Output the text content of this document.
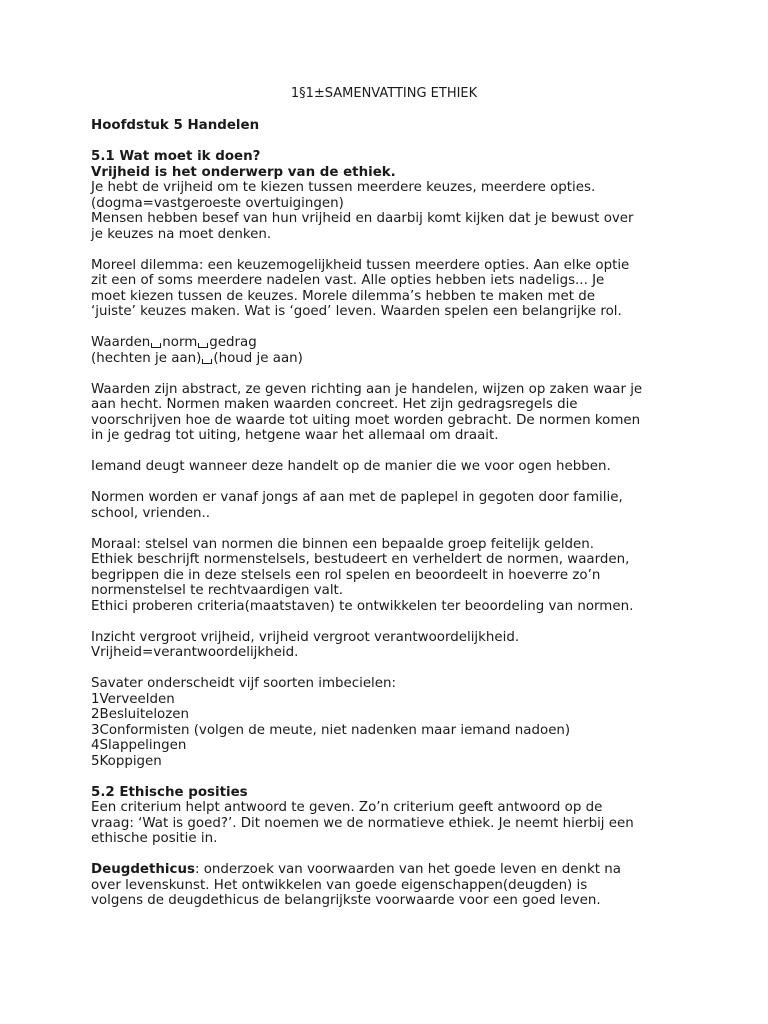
1§1±SAMENVATTING ETHIEK

Hoofdstuk 5 Handelen

5.1 Wat moet ik doen?

Vrijheid is het onderwerp van de ethiek.

Je hebt de vrijheid om te kiezen tussen meerdere keuzes, meerdere opties.

(dogma=vastgeroeste overtuigingen)

Mensen hebben besef van hun vrijheid en daarbij komt kijken dat je bewust over

je keuzes na moet denken.

Moreel dilemma: een keuzemogelijkheid tussen meerdere opties. Aan elke optie

zit een of soms meerdere nadelen vast. Alle opties hebben iets nadeligs... Je

moet kiezen tussen de keuzes. Morele dilemma’s hebben te maken met de

‘juiste’ keuzes maken. Wat is ‘goed’ leven. Waarden spelen een belangrijke rol.

Waarden norm gedrag

(hechten je aan) (houd je aan)

Waarden zijn abstract, ze geven richting aan je handelen, wijzen op zaken waar je

aan hecht. Normen maken waarden concreet. Het zijn gedragsregels die

voorschrijven hoe de waarde tot uiting moet worden gebracht. De normen komen

in je gedrag tot uiting, hetgene waar het allemaal om draait.

Iemand deugt wanneer deze handelt op de manier die we voor ogen hebben.

Normen worden er vanaf jongs af aan met de paplepel in gegoten door familie,

school, vrienden..

Moraal: stelsel van normen die binnen een bepaalde groep feitelijk gelden.

Ethiek beschrijft normenstelsels, bestudeert en verheldert de normen, waarden,

begrippen die in deze stelsels een rol spelen en beoordeelt in hoeverre zo’n

normenstelsel te rechtvaardigen valt.

Ethici proberen criteria(maatstaven) te ontwikkelen ter beoordeling van normen.

Inzicht vergroot vrijheid, vrijheid vergroot verantwoordelijkheid.

Vrijheid=verantwoordelijkheid.

Savater onderscheidt vijf soorten imbecielen:

1Verveelden

2Besluitelozen

3Conformisten (volgen de meute, niet nadenken maar iemand nadoen)

4Slappelingen

5Koppigen

5.2 Ethische posities

Een criterium helpt antwoord te geven. Zo’n criterium geeft antwoord op de

vraag: ‘Wat is goed?’. Dit noemen we de normatieve ethiek. Je neemt hierbij een

ethische positie in.

Deugdethicus: onderzoek van voorwaarden van het goede leven en denkt na

over levenskunst. Het ontwikkelen van goede eigenschappen(deugden) is

volgens de deugdethicus de belangrijkste voorwaarde voor een goed leven.
